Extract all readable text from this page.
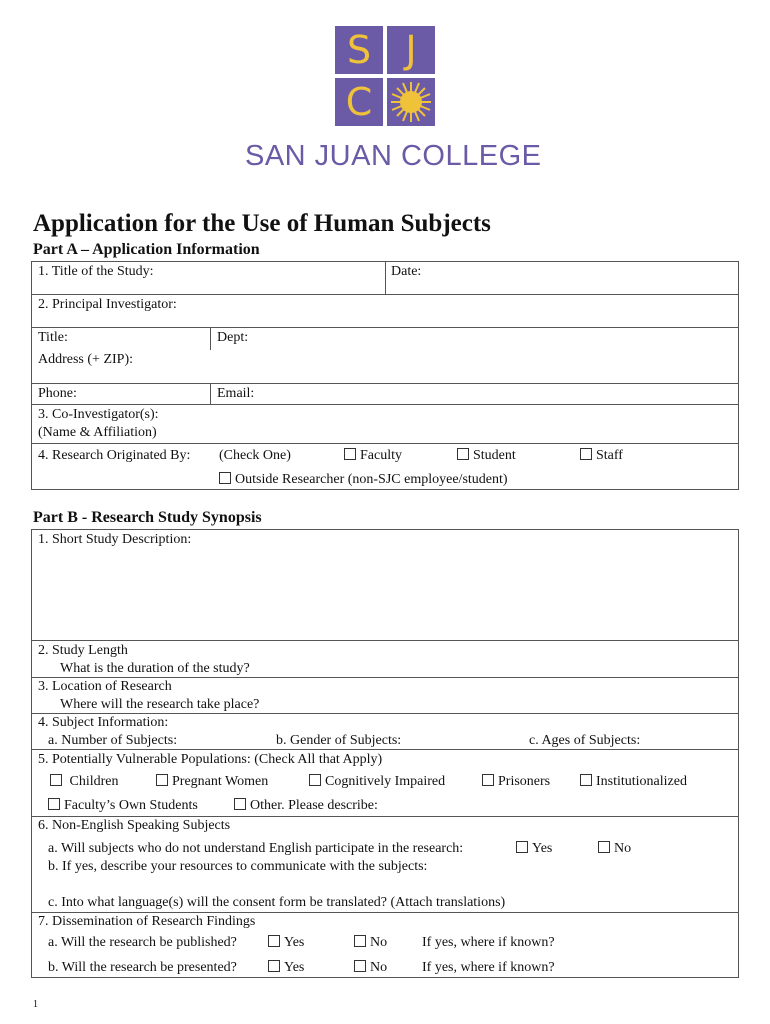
S J
C
SAN JUAN COLLEGE
Application for the Use of Human Subjects
Part A – Application Information
1. Title of the Study:	Date:
2. Principal Investigator:
Title:	Dept:
Address (+ ZIP):
Phone:	Email:
3. Co-Investigator(s):
(Name & Affiliation)
4. Research Originated By: (Check One)	Faculty	Student	Staff
Outside Researcher (non-SJC employee/student)
Part B - Research Study Synopsis
1. Short Study Description:
2. Study Length
What is the duration of the study?
3. Location of Research
Where will the research take place?
4. Subject Information:
a. Number of Subjects:	b. Gender of Subjects:	c. Ages of Subjects:
5. Potentially Vulnerable Populations: (Check All that Apply)
Children	Pregnant Women	Cognitively Impaired	Prisoners	Institutionalized
Faculty’s Own Students	Other. Please describe:
6. Non-English Speaking Subjects
a. Will subjects who do not understand English participate in the research:	Yes	No
b. If yes, describe your resources to communicate with the subjects:
c. Into what language(s) will the consent form be translated? (Attach translations)
7. Dissemination of Research Findings
a. Will the research be published?	Yes	No If yes, where if known?
b. Will the research be presented?	Yes	No If yes, where if known?
1
